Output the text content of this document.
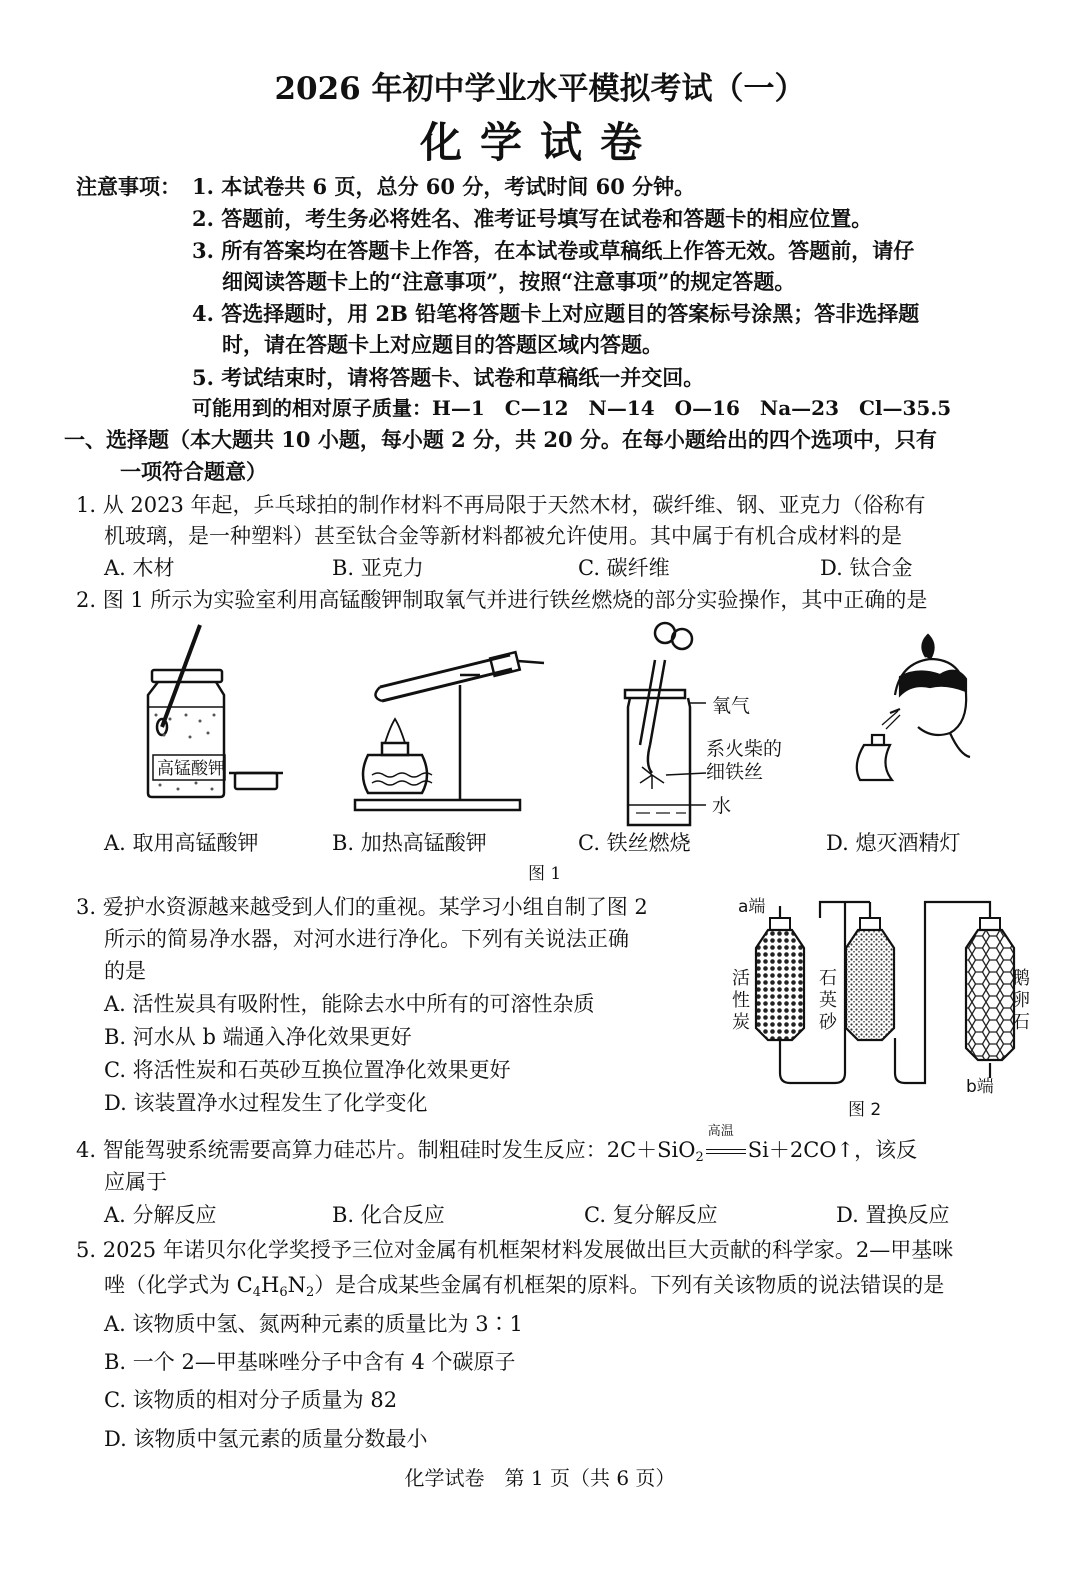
2026 年初中学业水平模拟考试（一）
化学试卷
注意事项： 1. 本试卷共 6 页，总分 60 分，考试时间 60 分钟。
2. 答题前，考生务必将姓名、准考证号填写在试卷和答题卡的相应位置。
3. 所有答案均在答题卡上作答，在本试卷或草稿纸上作答无效。答题前，请仔
细阅读答题卡上的“注意事项”，按照“注意事项”的规定答题。
4. 答选择题时，用 2B 铅笔将答题卡上对应题目的答案标号涂黑；答非选择题
时，请在答题卡上对应题目的答题区域内答题。
5. 考试结束时，请将答题卡、试卷和草稿纸一并交回。
可能用到的相对原子质量：H—1　C—12　N—14　O—16　Na—23　Cl—35.5
一、选择题（本大题共 10 小题，每小题 2 分，共 20 分。在每小题给出的四个选项中，只有
一项符合题意）
1. 从 2023 年起，乒乓球拍的制作材料不再局限于天然木材，碳纤维、钢、亚克力（俗称有
机玻璃，是一种塑料）甚至钛合金等新材料都被允许使用。其中属于有机合成材料的是
A. 木材	B. 亚克力	C. 碳纤维	D. 钛合金
2. 图 1 所示为实验室利用高锰酸钾制取氧气并进行铁丝燃烧的部分实验操作，其中正确的是
高锰酸钾
氧气
系火柴的
细铁丝
水
A. 取用高锰酸钾	B. 加热高锰酸钾	C. 铁丝燃烧	D. 熄灭酒精灯
图 1
3. 爱护水资源越来越受到人们的重视。某学习小组自制了图 2
所示的简易净水器，对河水进行净化。下列有关说法正确
的是
A. 活性炭具有吸附性，能除去水中所有的可溶性杂质
B. 河水从 b 端通入净化效果更好
C. 将活性炭和石英砂互换位置净化效果更好
D. 该装置净水过程发生了化学变化
a端
活
性
炭
石
英
砂
鹅
卵
石
b端
图 2
4. 智能驾驶系统需要高算力硅芯片。制粗硅时发生反应：2C＋SiO2
高温
Si＋2CO↑，该反
应属于
A. 分解反应	B. 化合反应	C. 复分解反应	D. 置换反应
5. 2025 年诺贝尔化学奖授予三位对金属有机框架材料发展做出巨大贡献的科学家。2—甲基咪
唑（化学式为 C4H6N2）是合成某些金属有机框架的原料。下列有关该物质的说法错误的是
A. 该物质中氢、氮两种元素的质量比为 3∶1
B. 一个 2—甲基咪唑分子中含有 4 个碳原子
C. 该物质的相对分子质量为 82
D. 该物质中氢元素的质量分数最小
化学试卷　第 1 页（共 6 页）
